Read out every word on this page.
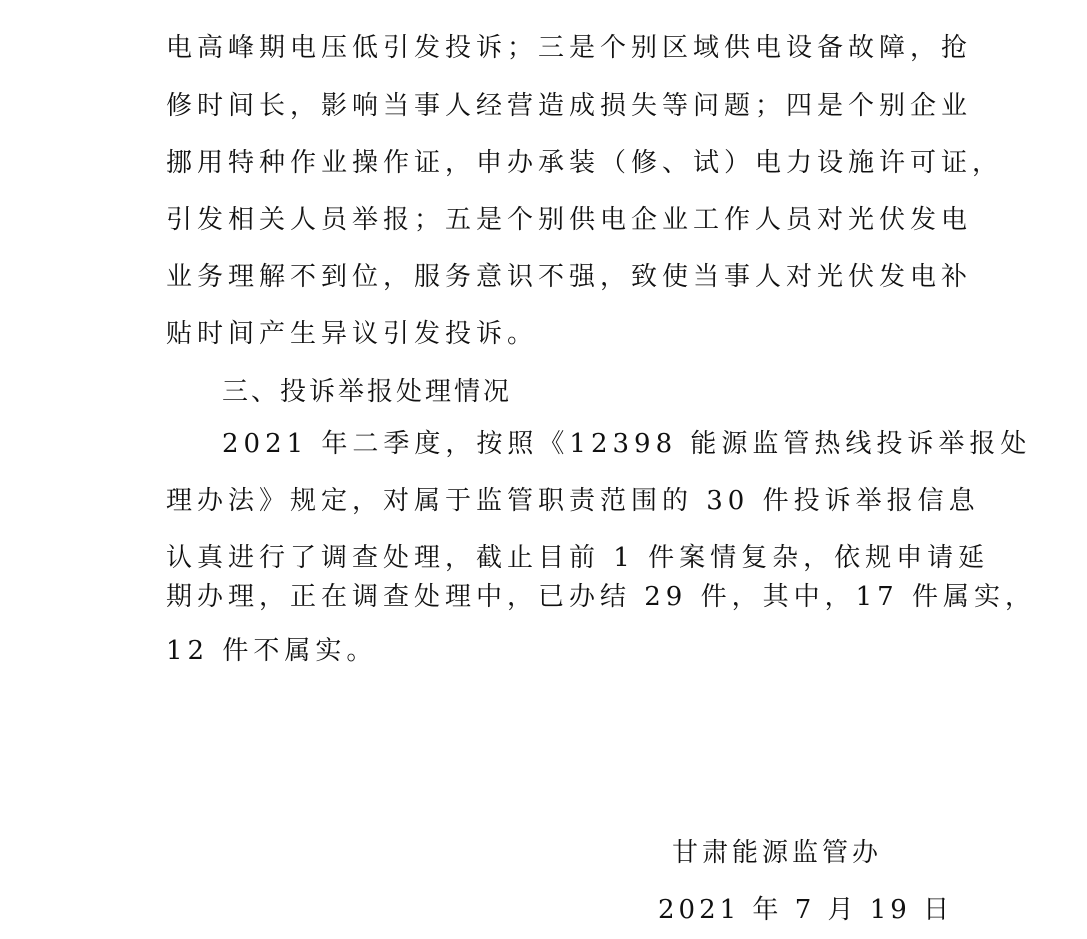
电高峰期电压低引发投诉；三是个别区域供电设备故障，抢
修时间长，影响当事人经营造成损失等问题；四是个别企业
挪用特种作业操作证，申办承装（修、试）电力设施许可证，
引发相关人员举报；五是个别供电企业工作人员对光伏发电
业务理解不到位，服务意识不强，致使当事人对光伏发电补
贴时间产生异议引发投诉。
三、投诉举报处理情况
2021 年二季度，按照《12398 能源监管热线投诉举报处
理办法》规定，对属于监管职责范围的 30 件投诉举报信息
认真进行了调查处理，截止目前 1 件案情复杂，依规申请延
期办理，正在调查处理中，已办结 29 件，其中，17 件属实，
12 件不属实。
甘肃能源监管办
2021 年 7 月 19 日
